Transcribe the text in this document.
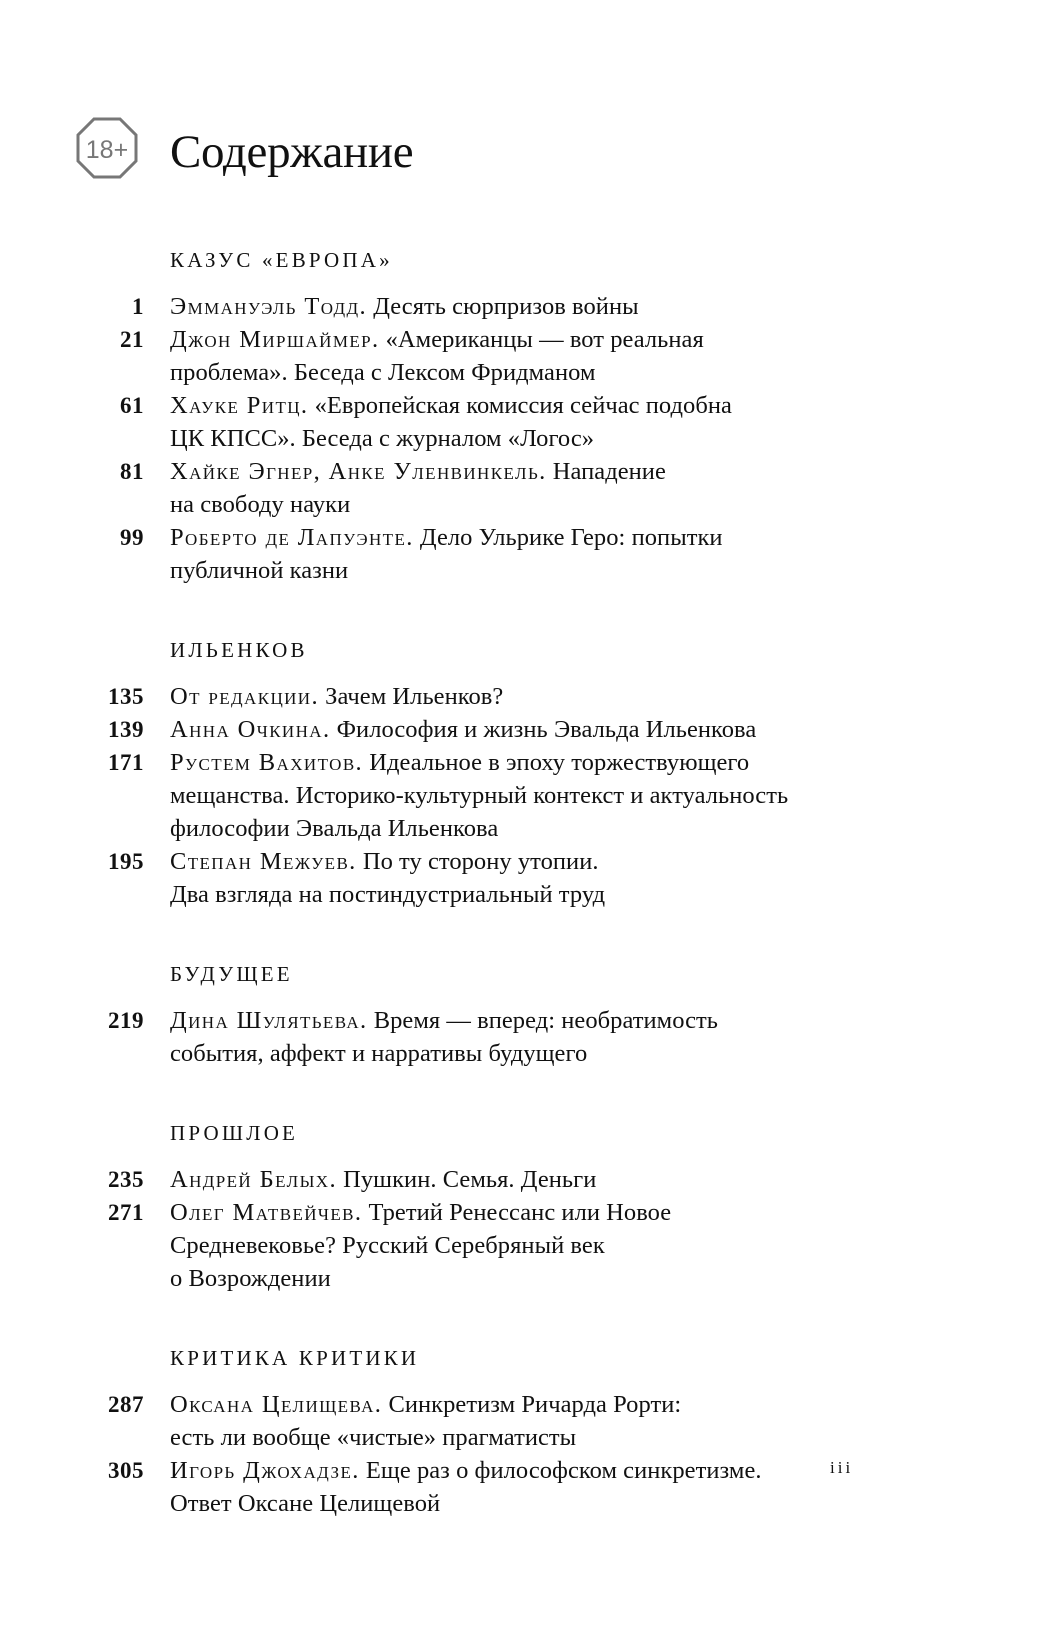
18+ Содержание
КАЗУС «ЕВРОПА»
1 Эммануэль Тодд. Десять сюрпризов войны
21 Джон Миршаймер. «Американцы — вот реальная
проблема». Беседа с Лексом Фридманом
61 Хауке Ритц. «Европейская комиссия сейчас подобна
ЦК КПСС». Беседа с журналом «Логос»
81 Хайке Эгнер, Анке Уленвинкель. Нападение
на свободу науки
99 Роберто де Лапуэнте. Дело Ульрике Геро: попытки
публичной казни
ИЛЬЕНКОВ
135 От редакции. Зачем Ильенков?
139 Анна Очкина. Философия и жизнь Эвальда Ильенкова
171 Рустем Вахитов. Идеальное в эпоху торжествующего
мещанства. Историко-культурный контекст и актуальность
философии Эвальда Ильенкова
195 Степан Межуев. По ту сторону утопии.
Два взгляда на постиндустриальный труд
БУДУЩЕЕ
219 Дина Шулятьева. Время — вперед: необратимость
события, аффект и нарративы будущего
ПРОШЛОЕ
235 Андрей Белых. Пушкин. Семья. Деньги
271 Олег Матвейчев. Третий Ренессанс или Новое
Средневековье? Русский Серебряный век
о Возрождении
КРИТИКА КРИТИКИ
287 Оксана Целищева. Синкретизм Ричарда Рорти:
есть ли вообще «чистые» прагматисты
305 Игорь Джохадзе. Еще раз о философском синкретизме.
Ответ Оксане Целищевой
iii
